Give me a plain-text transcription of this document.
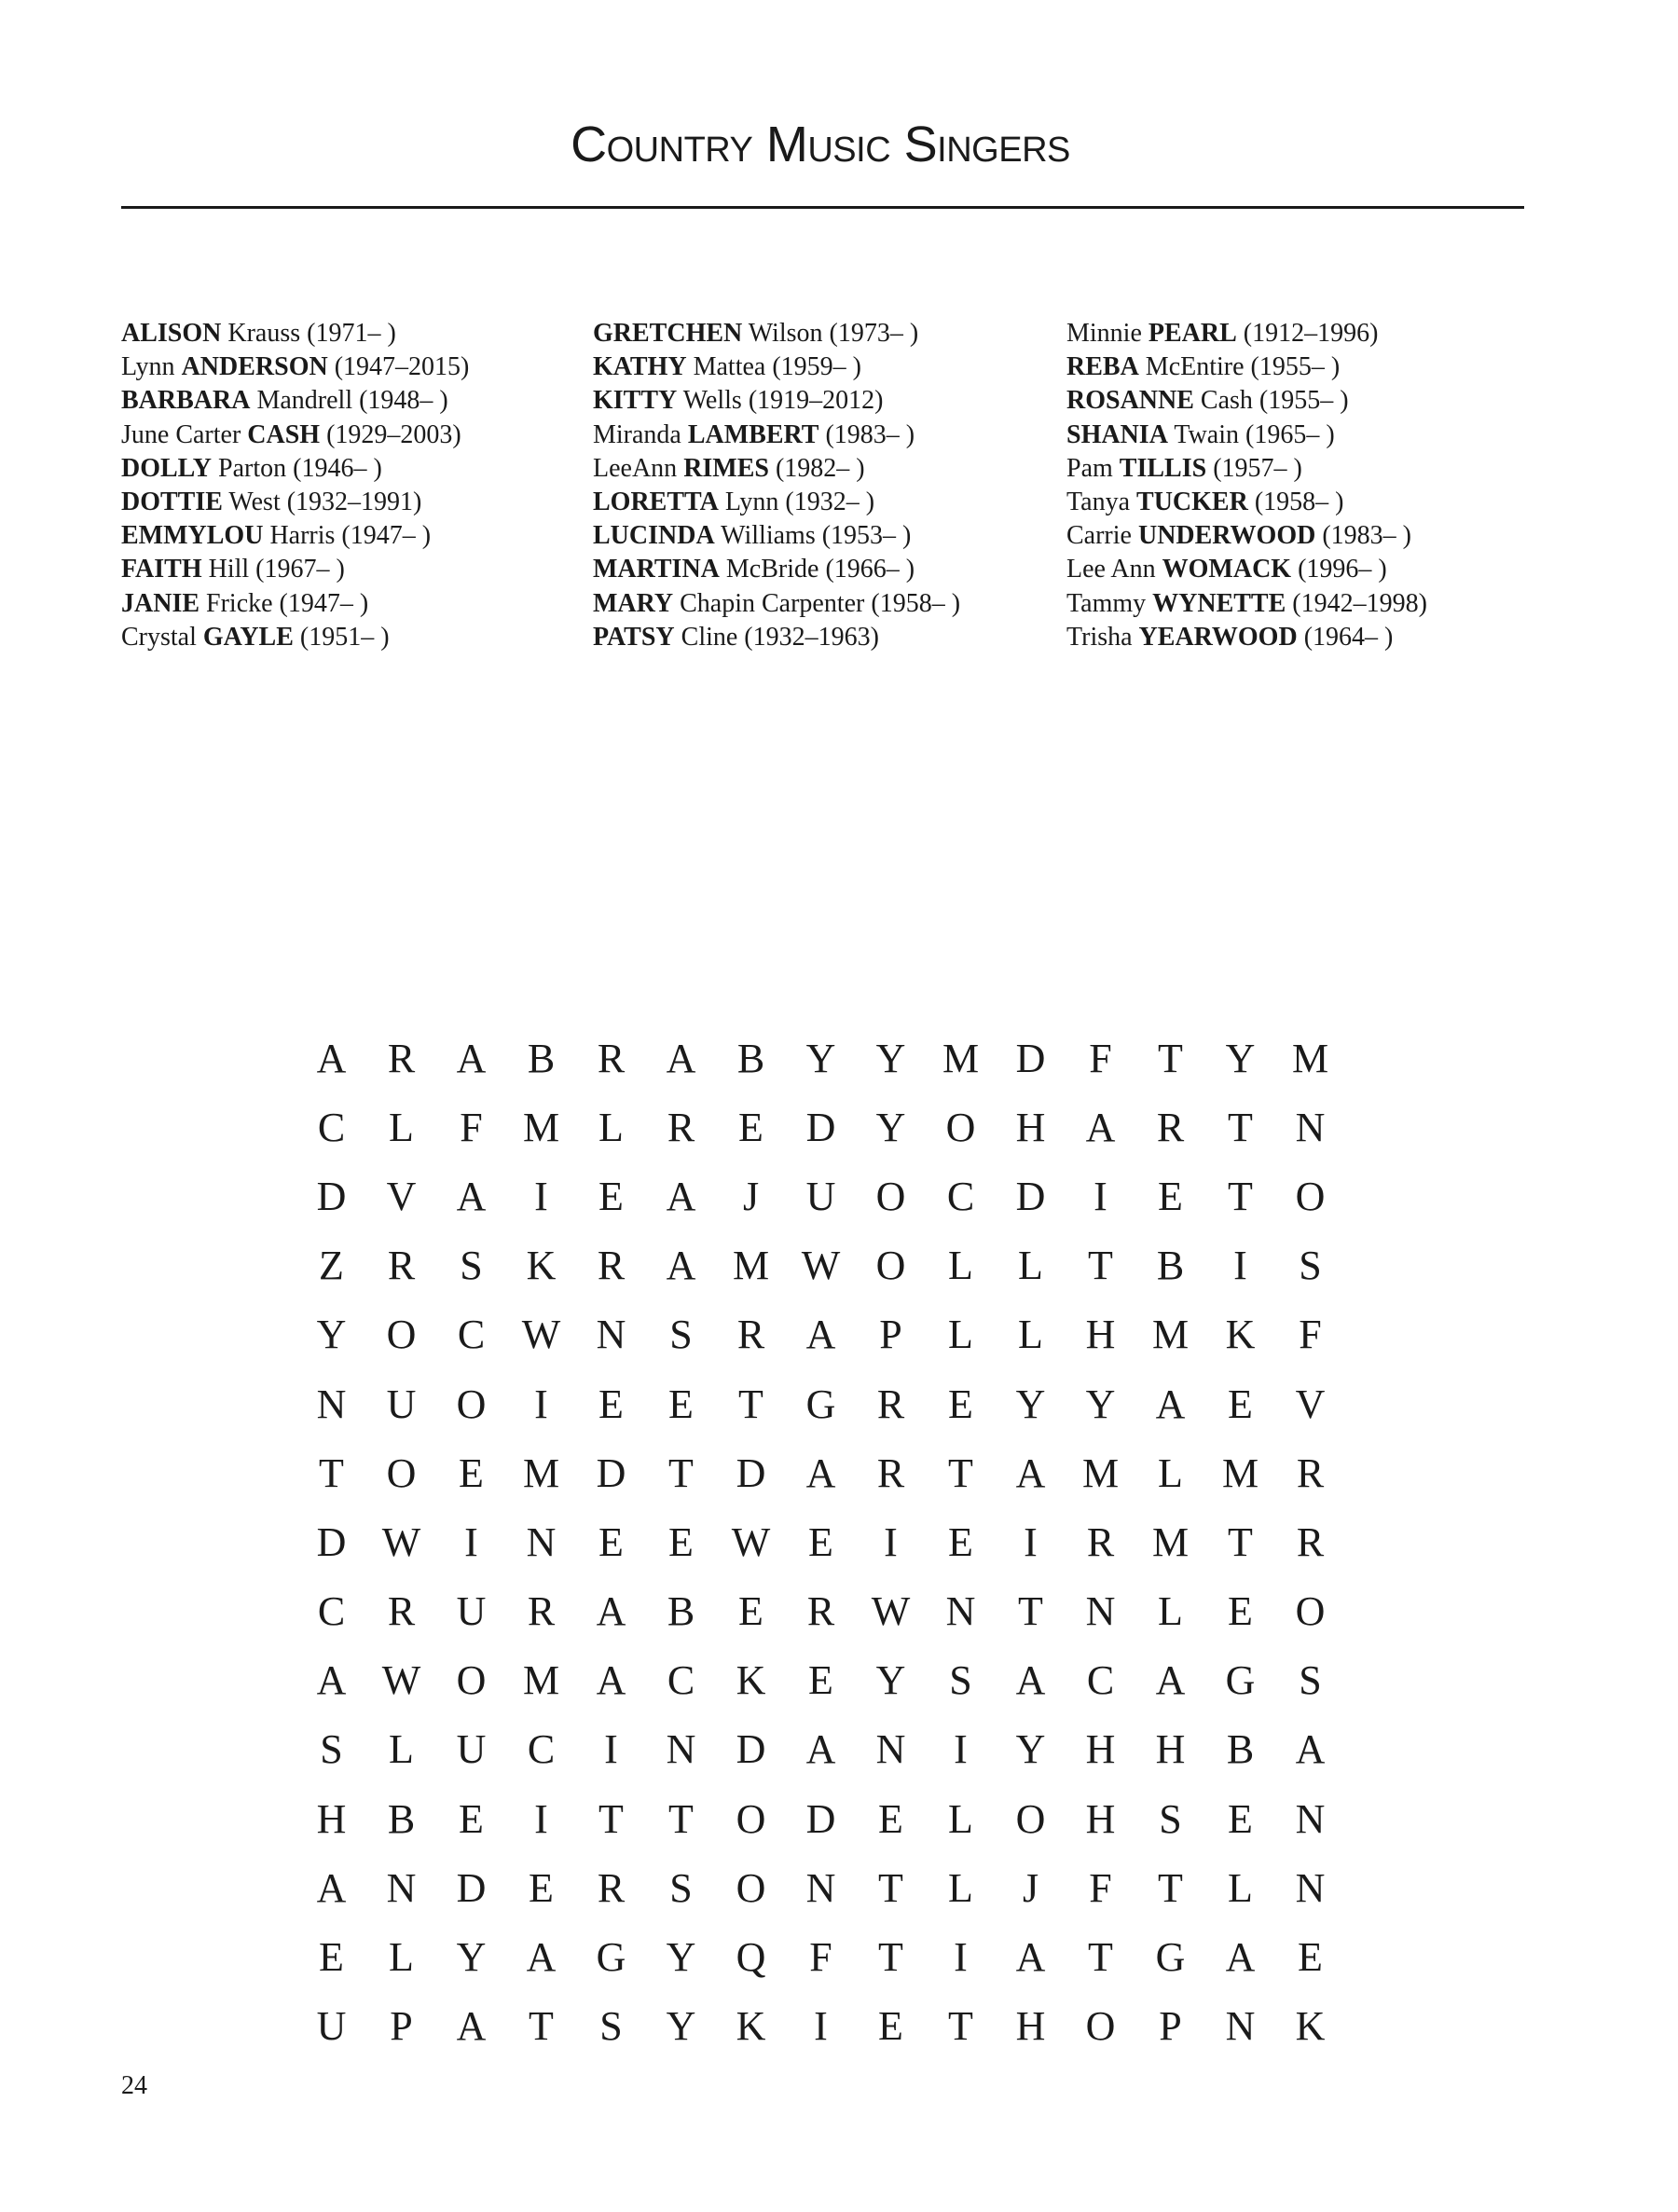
Country Music Singers
ALISON Krauss (1971– )
Lynn ANDERSON (1947–2015)
BARBARA Mandrell (1948– )
June Carter CASH (1929–2003)
DOLLY Parton (1946– )
DOTTIE West (1932–1991)
EMMYLOU Harris (1947– )
FAITH Hill (1967– )
JANIE Fricke (1947– )
Crystal GAYLE (1951– )
GRETCHEN Wilson (1973– )
KATHY Mattea (1959– )
KITTY Wells (1919–2012)
Miranda LAMBERT (1983– )
LeeAnn RIMES (1982– )
LORETTA Lynn (1932– )
LUCINDA Williams (1953– )
MARTINA McBride (1966– )
MARY Chapin Carpenter (1958– )
PATSY Cline (1932–1963)
Minnie PEARL (1912–1996)
REBA McEntire (1955– )
ROSANNE Cash (1955– )
SHANIA Twain (1965– )
Pam TILLIS (1957– )
Tanya TUCKER (1958– )
Carrie UNDERWOOD (1983– )
Lee Ann WOMACK (1996– )
Tammy WYNETTE (1942–1998)
Trisha YEARWOOD (1964– )
A	R	A	B	R	A	B	Y Y M D	F	T	Y M
C	L	F M L	R	E	D Y O H A	R	T	N
D V A	I	E	A	J	U O	C	D	I	E	T	O
Z	R	S	K	R	A M W O	L	L	T	B	I	S
Y O	C W N	S	R	A	P	L	L	H M K	F
N U O	I	E	E	T	G	R	E	Y Y A	E	V
T	O	E M D	T	D A	R	T	A M L M R
D W	I	N	E	E W E	I	E	I	R M T	R
C	R	U	R	A	B	E	R W N	T	N	L	E	O
A W O M A	C	K	E	Y	S	A	C	A G	S
S	L	U	C	I	N D A N	I	Y H H	B	A
H	B	E	I	T	T	O D	E	L	O H	S	E	N
A N D	E	R	S	O N	T	L	J	F	T	L	N
E	L	Y A G Y Q	F	T	I	A	T	G A	E
U	P	A	T	S	Y K	I	E	T	H O	P	N K
24
